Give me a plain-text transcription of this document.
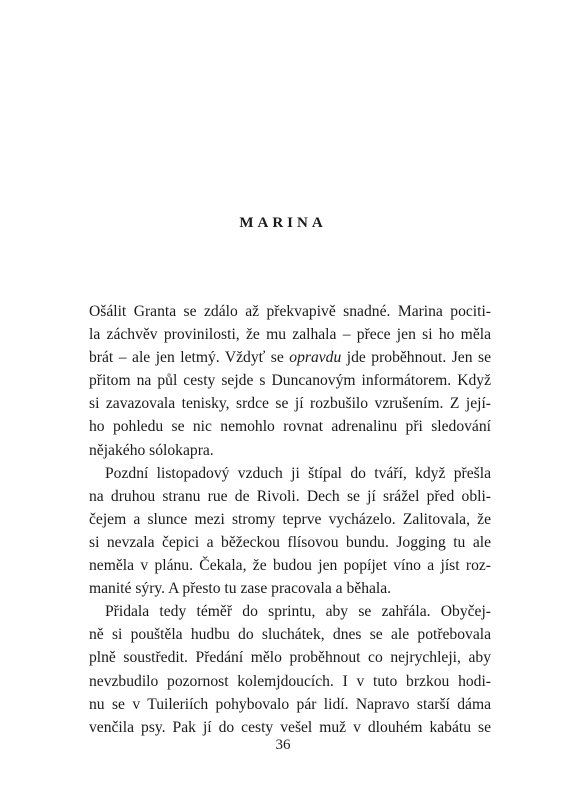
MARINA
Ošálit Granta se zdálo až překvapivě snadné. Marina pociti-
la záchvěv provinilosti, že mu zalhala – přece jen si ho měla
brát – ale jen letmý. Vždyť se opravdu jde proběhnout. Jen se
přitom na půl cesty sejde s Duncanovým informátorem. Když
si zavazovala tenisky, srdce se jí rozbušilo vzrušením. Z její-
ho pohledu se nic nemohlo rovnat adrenalinu při sledování
nějakého sólokapra.
Pozdní listopadový vzduch ji štípal do tváří, když přešla
na druhou stranu rue de Rivoli. Dech se jí srážel před obli-
čejem a slunce mezi stromy teprve vycházelo. Zalitovala, že
si nevzala čepici a běžeckou flísovou bundu. Jogging tu ale
neměla v plánu. Čekala, že budou jen popíjet víno a jíst roz-
manité sýry. A přesto tu zase pracovala a běhala.
Přidala tedy téměř do sprintu, aby se zahřála. Obyčej-
ně si pouštěla hudbu do sluchátek, dnes se ale potřebovala
plně soustředit. Předání mělo proběhnout co nejrychleji, aby
nevzbudilo pozornost kolemjdoucích. I v tuto brzkou hodi-
nu se v Tuileriích pohybovalo pár lidí. Napravo starší dáma
venčila psy. Pak jí do cesty vešel muž v dlouhém kabátu se
36
